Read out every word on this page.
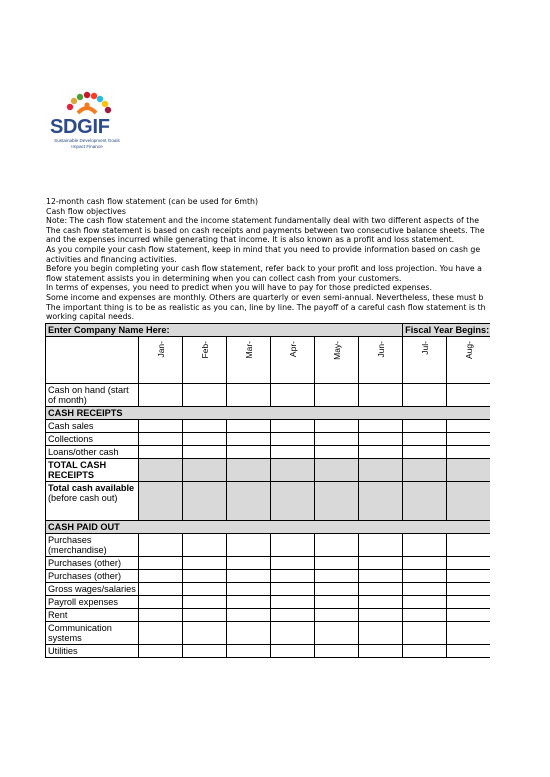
SDGIF
Sustainable Development Goals Impact Finance
12-month cash flow statement (can be used for 6mth)
Cash flow objectives
Note: The cash flow statement and the income statement fundamentally deal with two different aspects of the
The cash flow statement is based on cash receipts and payments between two consecutive balance sheets. The
and the expenses incurred while generating that income. It is also known as a profit and loss statement.
As you compile your cash flow statement, keep in mind that you need to provide information based on cash ge
activities and financing activities.
Before you begin completing your cash flow statement, refer back to your profit and loss projection. You have a
flow statement assists you in determining when you can collect cash from your customers.
In terms of expenses, you need to predict when you will have to pay for those predicted expenses.
Some income and expenses are monthly. Others are quarterly or even semi-annual. Nevertheless, these must b
The important thing is to be as realistic as you can, line by line. The payoff of a careful cash flow statement is th
working capital needs.
Enter Company Name Here:							Fiscal Year Begins:		

	Jan-	Feb-	Mar-	Apr-	May-	Jun-	Jul-	Aug-	

Cash on hand (start of month)									
CASH RECEIPTS									
Cash sales									
Collections									
Loans/other cash									
TOTAL CASH RECEIPTS									
Total cash available (before cash out)									
CASH PAID OUT									
Purchases (merchandise)									
Purchases (other)									
Purchases (other)									
Gross wages/salaries									
Payroll expenses									
Rent									
Communication systems									
Utilities									
